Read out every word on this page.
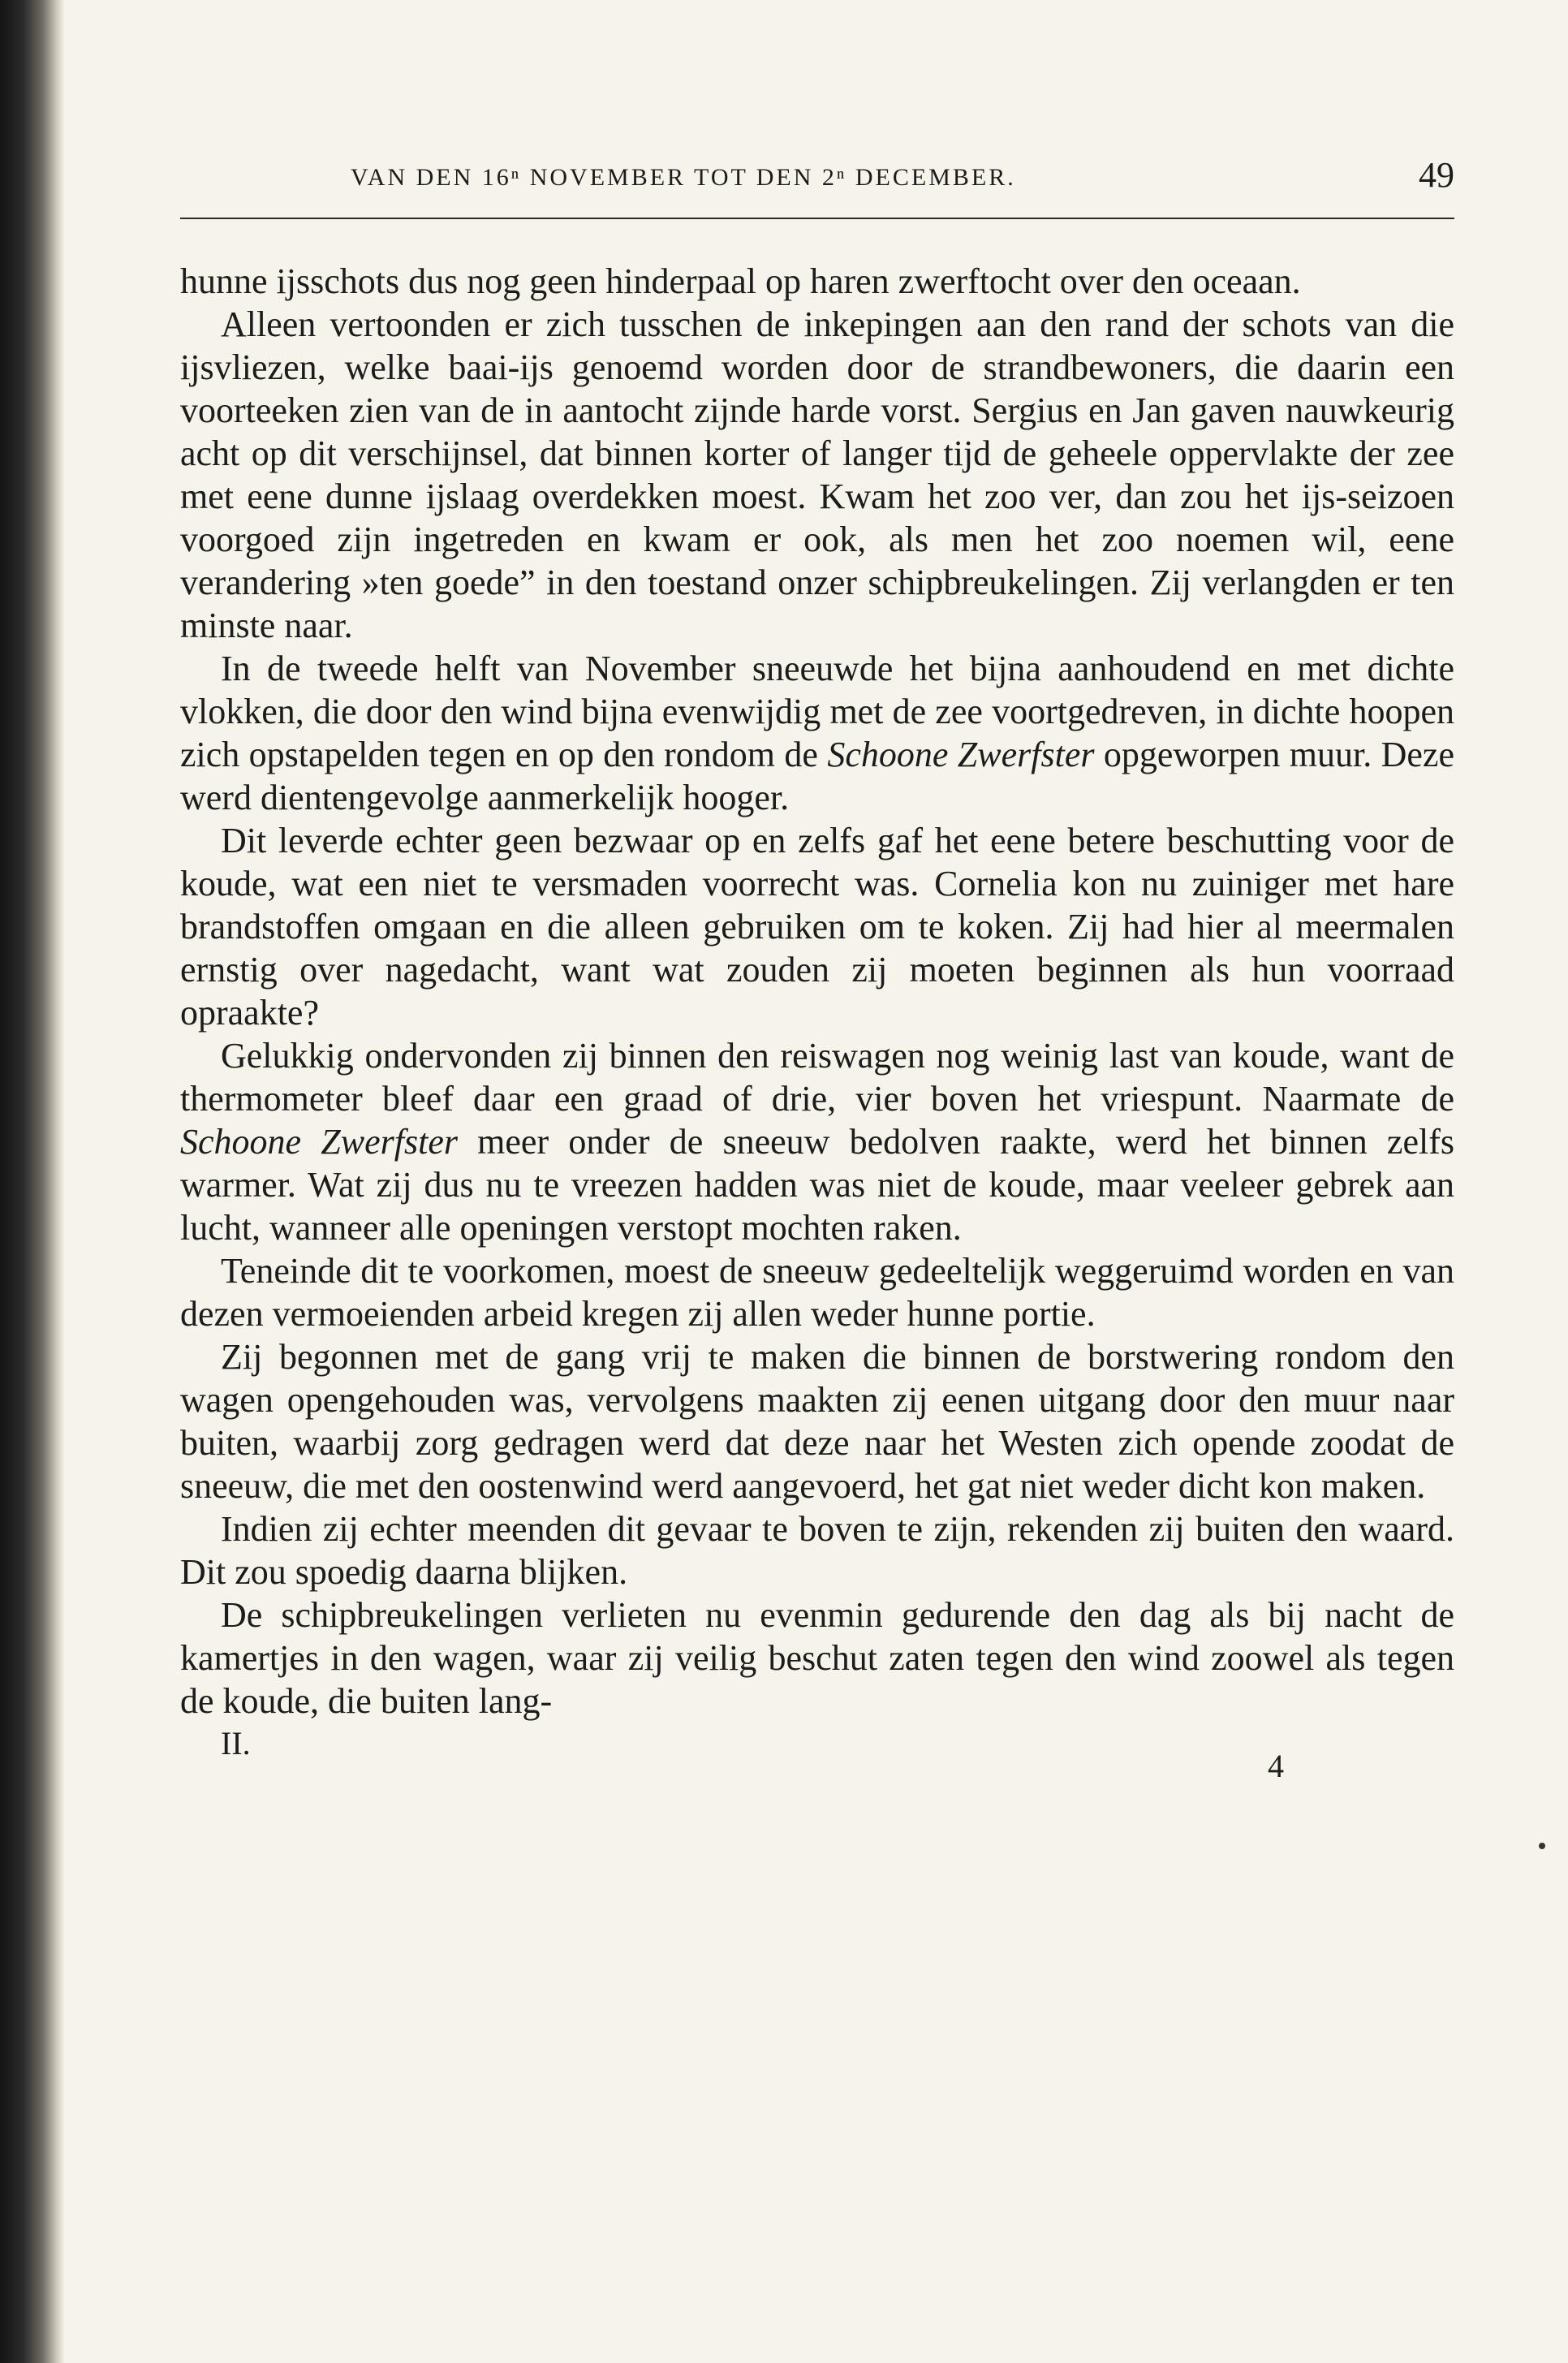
VAN DEN 16ⁿ NOVEMBER TOT DEN 2ⁿ DECEMBER.	49

hunne ijsschots dus nog geen hinderpaal op haren zwerftocht over den oceaan.

Alleen vertoonden er zich tusschen de inkepingen aan den rand der schots van die ijsvliezen, welke baai-ijs genoemd worden door de strandbewoners, die daarin een voorteeken zien van de in aantocht zijnde harde vorst. Sergius en Jan gaven nauwkeurig acht op dit verschijnsel, dat binnen korter of langer tijd de geheele oppervlakte der zee met eene dunne ijslaag overdekken moest. Kwam het zoo ver, dan zou het ijs-seizoen voorgoed zijn ingetreden en kwam er ook, als men het zoo noemen wil, eene verandering »ten goede” in den toestand onzer schipbreukelingen. Zij verlangden er ten minste naar.

In de tweede helft van November sneeuwde het bijna aanhoudend en met dichte vlokken, die door den wind bijna evenwijdig met de zee voortgedreven, in dichte hoopen zich opstapelden tegen en op den rondom de Schoone Zwerfster opgeworpen muur. Deze werd dientengevolge aanmerkelijk hooger.

Dit leverde echter geen bezwaar op en zelfs gaf het eene betere beschutting voor de koude, wat een niet te versmaden voorrecht was. Cornelia kon nu zuiniger met hare brandstoffen omgaan en die alleen gebruiken om te koken. Zij had hier al meermalen ernstig over nagedacht, want wat zouden zij moeten beginnen als hun voorraad opraakte?

Gelukkig ondervonden zij binnen den reiswagen nog weinig last van koude, want de thermometer bleef daar een graad of drie, vier boven het vriespunt. Naarmate de Schoone Zwerfster meer onder de sneeuw bedolven raakte, werd het binnen zelfs warmer. Wat zij dus nu te vreezen hadden was niet de koude, maar veeleer gebrek aan lucht, wanneer alle openingen verstopt mochten raken.

Teneinde dit te voorkomen, moest de sneeuw gedeeltelijk weggeruimd worden en van dezen vermoeienden arbeid kregen zij allen weder hunne portie.

Zij begonnen met de gang vrij te maken die binnen de borstwering rondom den wagen opengehouden was, vervolgens maakten zij eenen uitgang door den muur naar buiten, waarbij zorg gedragen werd dat deze naar het Westen zich opende zoodat de sneeuw, die met den oostenwind werd aangevoerd, het gat niet weder dicht kon maken.

Indien zij echter meenden dit gevaar te boven te zijn, rekenden zij buiten den waard. Dit zou spoedig daarna blijken.

De schipbreukelingen verlieten nu evenmin gedurende den dag als bij nacht de kamertjes in den wagen, waar zij veilig beschut zaten tegen den wind zoowel als tegen de koude, die buiten lang-

II.
4
